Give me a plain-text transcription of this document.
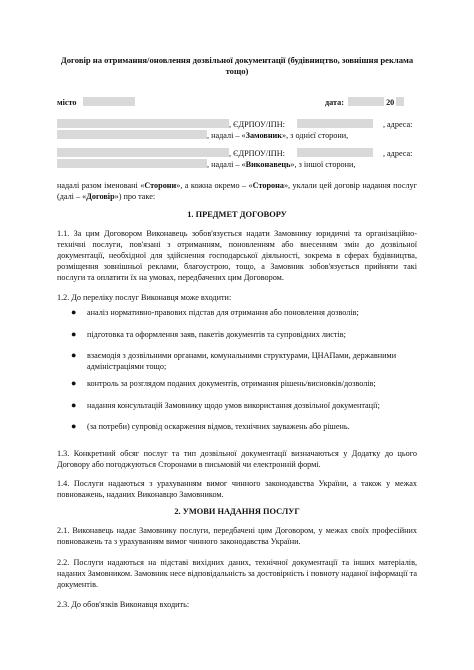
Договір на отримання/оновлення дозвільної документації (будівництво, зовнішня реклама тощо)
місто	дата:	20
, ЄДРПОУ/ІПН:	, адреса:
, надалі – «Замовник», з однієї сторони,
, ЄДРПОУ/ІПН:	, адреса:
, надалі – «Виконавець», з іншої сторони,
надалі разом іменовані «Сторони», а кожна окремо – «Сторона», уклали цей договір надання послуг (далі – «Договір») про таке:
1. ПРЕДМЕТ ДОГОВОРУ
1.1. За цим Договором Виконавець зобов'язується надати Замовнику юридичні та організаційно-технічні послуги, пов'язані з отриманням, поновленням або внесенням змін до дозвільної документації, необхідної для здійснення господарської діяльності, зокрема в сферах будівництва, розміщення зовнішньої реклами, благоустрою, тощо, а Замовник зобов'язується прийняти такі послуги та оплатити їх на умовах, передбачених цим Договором.
1.2. До переліку послуг Виконавця може входити:
● аналіз нормативно-правових підстав для отримання або поновлення дозволів;
● підготовка та оформлення заяв, пакетів документів та супровідних листів;
● взаємодія з дозвільними органами, комунальними структурами, ЦНАПами, державними адміністраціями тощо;
● контроль за розглядом поданих документів, отримання рішень/висновків/дозволів;
● надання консультацій Замовнику щодо умов використання дозвільної документації;
● (за потреби) супровід оскарження відмов, технічних зауважень або рішень.
1.3. Конкретний обсяг послуг та тип дозвільної документації визначаються у Додатку до цього Договору або погоджуються Сторонами в письмовій чи електронній формі.
1.4. Послуги надаються з урахуванням вимог чинного законодавства України, а також у межах повноважень, наданих Виконавцю Замовником.
2. УМОВИ НАДАННЯ ПОСЛУГ
2.1. Виконавець надає Замовнику послуги, передбачені цим Договором, у межах своїх професійних повноважень та з урахуванням вимог чинного законодавства України.
2.2. Послуги надаються на підставі вихідних даних, технічної документації та інших матеріалів, наданих Замовником. Замовник несе відповідальність за достовірність і повноту наданої інформації та документів.
2.3. До обов'язків Виконавця входить:
